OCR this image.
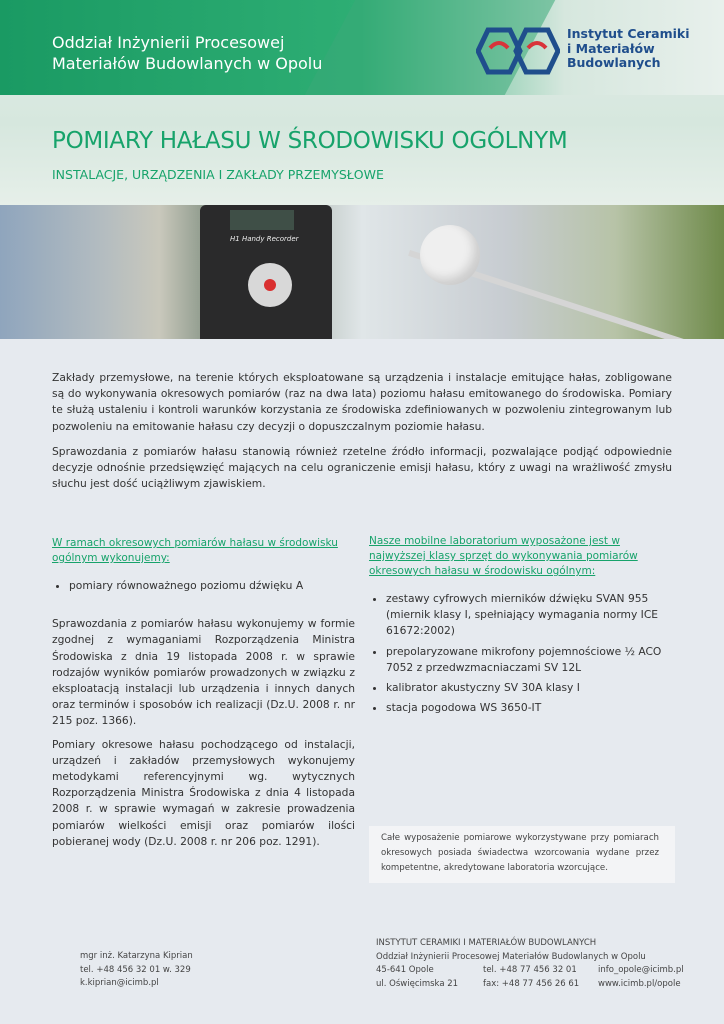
Oddział Inżynierii Procesowej
Materiałów Budowlanych w Opolu
Instytut Ceramiki
i Materiałów
Budowlanych
POMIARY HAŁASU W ŚRODOWISKU OGÓLNYM
INSTALACJE, URZĄDZENIA I ZAKŁADY PRZEMYSŁOWE
H1 Handy Recorder

Zakłady przemysłowe, na terenie których eksploatowane są urządzenia i instalacje emitujące hałas, zobligowane są do wykonywania okresowych pomiarów (raz na dwa lata) poziomu hałasu emitowanego do środowiska. Pomiary te służą ustaleniu i kontroli warunków korzystania ze środowiska zdefiniowanych w pozwoleniu zintegrowanym lub pozwoleniu na emitowanie hałasu czy decyzji o dopuszczalnym poziomie hałasu.

Sprawozdania z pomiarów hałasu stanowią również rzetelne źródło informacji, pozwalające podjąć odpowiednie decyzje odnośnie przedsięwzięć mających na celu ograniczenie emisji hałasu, który z uwagi na wrażliwość zmysłu słuchu jest dość uciążliwym zjawiskiem.

W ramach okresowych pomiarów hałasu w środowisku ogólnym wykonujemy:
• pomiary równoważnego poziomu dźwięku A

Sprawozdania z pomiarów hałasu wykonujemy w formie zgodnej z wymaganiami Rozporządzenia Ministra Środowiska z dnia 19 listopada 2008 r. w sprawie rodzajów wyników pomiarów prowadzonych w związku z eksploatacją instalacji lub urządzenia i innych danych oraz terminów i sposobów ich realizacji (Dz.U. 2008 r. nr 215 poz. 1366).

Pomiary okresowe hałasu pochodzącego od instalacji, urządzeń i zakładów przemysłowych wykonujemy metodykami referencyjnymi wg. wytycznych Rozporządzenia Ministra Środowiska z dnia 4 listopada 2008 r. w sprawie wymagań w zakresie prowadzenia pomiarów wielkości emisji oraz pomiarów ilości pobieranej wody (Dz.U. 2008 r. nr 206 poz. 1291).

Nasze mobilne laboratorium wyposażone jest w najwyższej klasy sprzęt do wykonywania pomiarów okresowych hałasu w środowisku ogólnym:
• zestawy cyfrowych mierników dźwięku SVAN 955 (miernik klasy I, spełniający wymagania normy ICE 61672:2002)
• prepolaryzowane mikrofony pojemnościowe ½ ACO 7052 z przedwzmacniaczami SV 12L
• kalibrator akustyczny SV 30A klasy I
• stacja pogodowa WS 3650-IT
Całe wyposażenie pomiarowe wykorzystywane przy pomiarach okresowych posiada świadectwa wzorcowania wydane przez kompetentne, akredytowane laboratoria wzorcujące.
mgr inż. Katarzyna Kiprian
tel. +48 456 32 01 w. 329
k.kiprian@icimb.pl
INSTYTUT CERAMIKI I MATERIAŁÓW BUDOWLANYCH
Oddział Inżynierii Procesowej Materiałów Budowlanych w Opolu
45-641 Opole
ul. Oświęcimska 21
tel. +48 77 456 32 01
fax: +48 77 456 26 61
info_opole@icimb.pl
www.icimb.pl/opole
